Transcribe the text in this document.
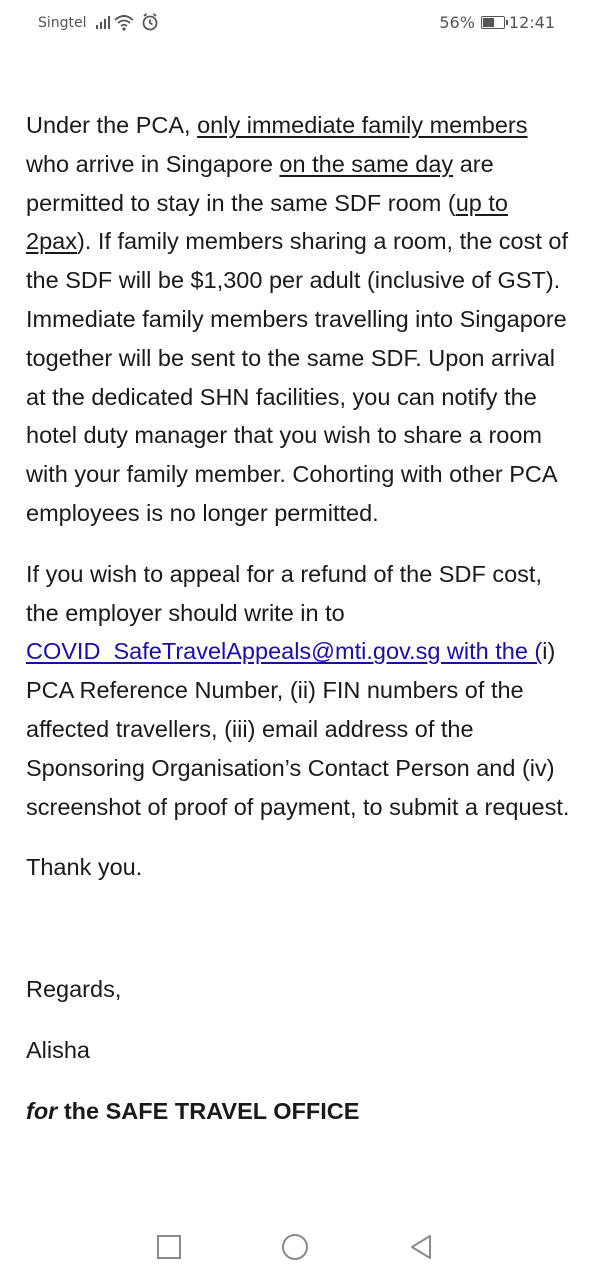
Singtel	56% 12:41

Under the PCA, only immediate family members who arrive in Singapore on the same day are permitted to stay in the same SDF room (up to 2pax). If family members sharing a room, the cost of the SDF will be $1,300 per adult (inclusive of GST). Immediate family members travelling into Singapore together will be sent to the same SDF. Upon arrival at the dedicated SHN facilities, you can notify the hotel duty manager that you wish to share a room with your family member. Cohorting with other PCA employees is no longer permitted.

If you wish to appeal for a refund of the SDF cost, the employer should write in to COVID_SafeTravelAppeals@mti.gov.sg with the (i) PCA Reference Number, (ii) FIN numbers of the affected travellers, (iii) email address of the Sponsoring Organisation’s Contact Person and (iv) screenshot of proof of payment, to submit a request.

Thank you.

Regards,

Alisha

for the SAFE TRAVEL OFFICE
